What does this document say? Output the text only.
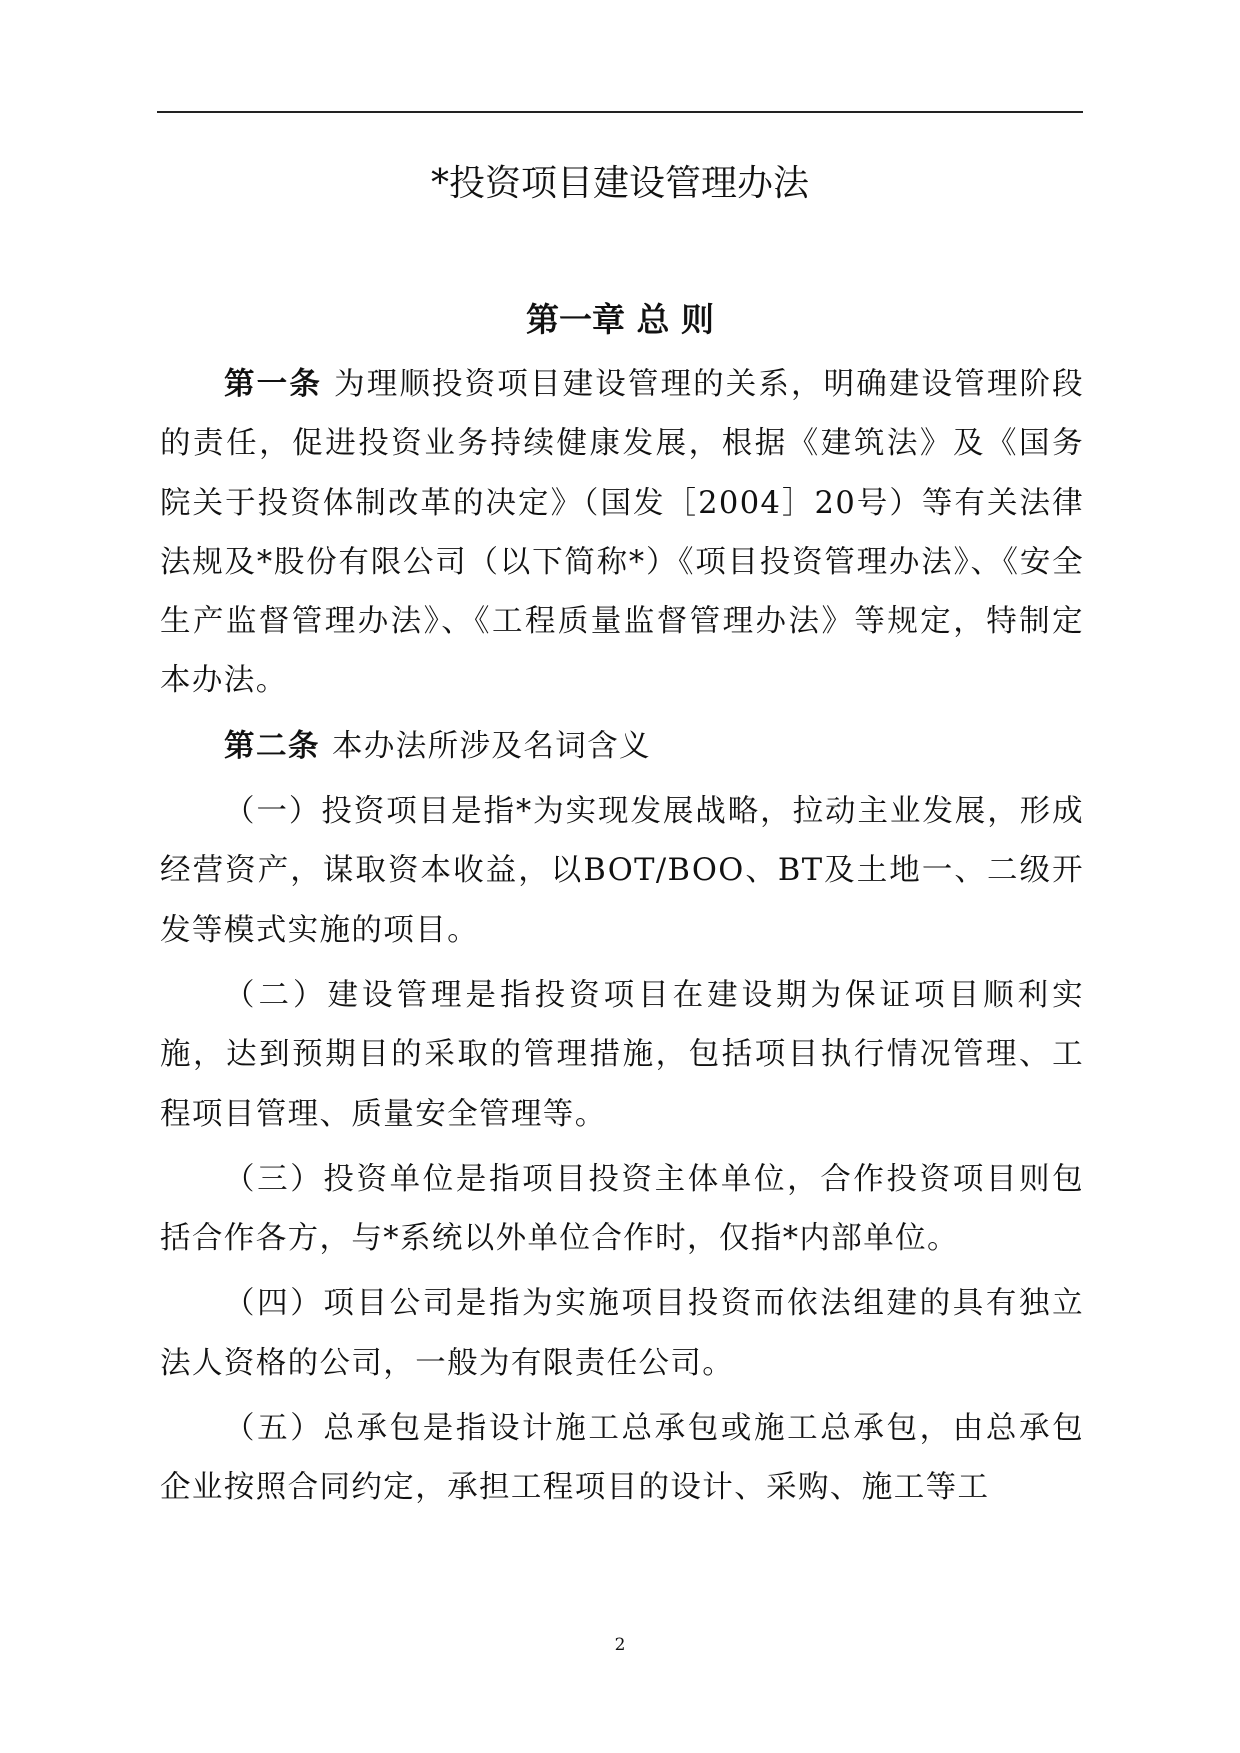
*投资项目建设管理办法
第一章 总 则

第一条 为理顺投资项目建设管理的关系，明确建设管理阶段的责任，促进投资业务持续健康发展，根据《建筑法》及《国务院关于投资体制改革的决定》（国发［2004］20号）等有关法律法规及*股份有限公司（以下简称*）《项目投资管理办法》、《安全生产监督管理办法》、《工程质量监督管理办法》等规定，特制定本办法。

第二条 本办法所涉及名词含义

（一）投资项目是指*为实现发展战略，拉动主业发展，形成经营资产，谋取资本收益，以BOT/BOO、BT及土地一、二级开发等模式实施的项目。

（二）建设管理是指投资项目在建设期为保证项目顺利实施，达到预期目的采取的管理措施，包括项目执行情况管理、工程项目管理、质量安全管理等。

（三）投资单位是指项目投资主体单位，合作投资项目则包括合作各方，与*系统以外单位合作时，仅指*内部单位。

（四）项目公司是指为实施项目投资而依法组建的具有独立法人资格的公司，一般为有限责任公司。

（五）总承包是指设计施工总承包或施工总承包，由总承包企业按照合同约定，承担工程项目的设计、采购、施工等工

2
